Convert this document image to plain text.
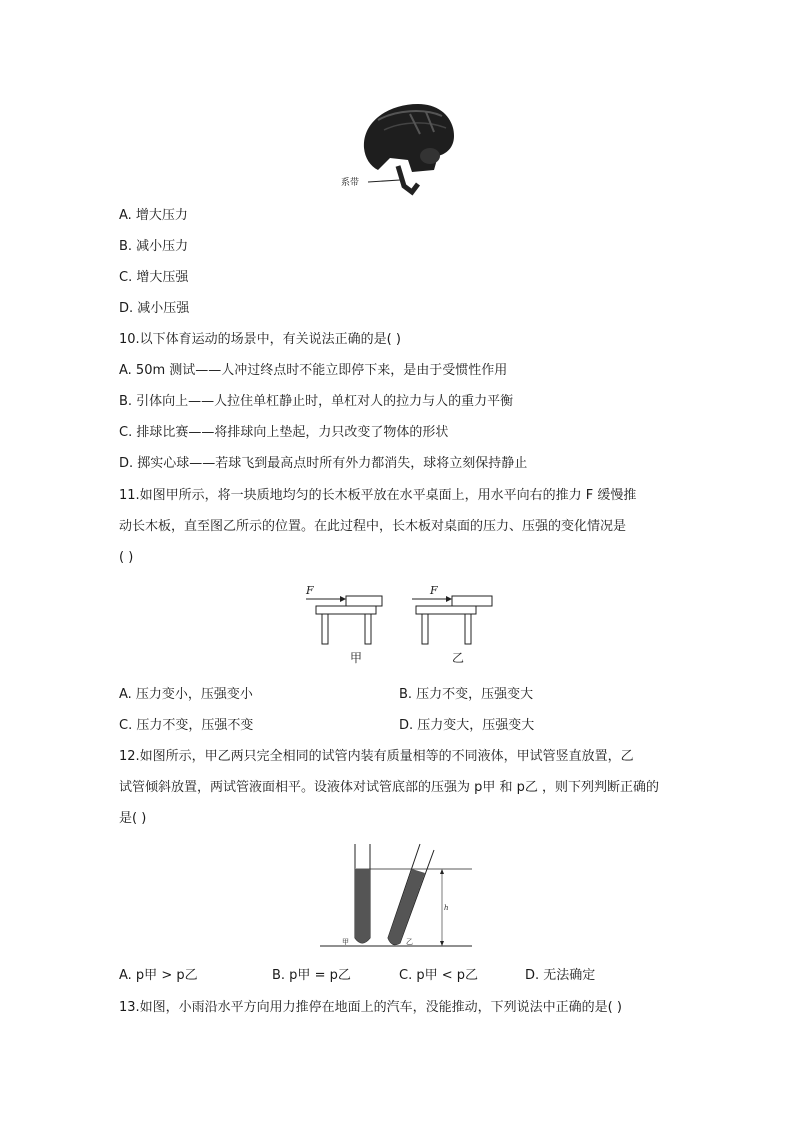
系带
A. 增大压力
B. 减小压力
C. 增大压强
D. 减小压强
10.以下体育运动的场景中，有关说法正确的是( )
A. 50m 测试——人冲过终点时不能立即停下来，是由于受惯性作用
B. 引体向上——人拉住单杠静止时，单杠对人的拉力与人的重力平衡
C. 排球比赛——将排球向上垫起，力只改变了物体的形状
D. 掷实心球——若球飞到最高点时所有外力都消失，球将立刻保持静止
11.如图甲所示，将一块质地均匀的长木板平放在水平桌面上，用水平向右的推力 F 缓慢推
动长木板，直至图乙所示的位置。在此过程中，长木板对桌面的压力、压强的变化情况是
( )
F
甲
F
乙
A. 压力变小，压强变小	B. 压力不变，压强变大
C. 压力不变，压强不变	D. 压力变大，压强变大
12.如图所示，甲乙两只完全相同的试管内装有质量相等的不同液体，甲试管竖直放置，乙
试管倾斜放置，两试管液面相平。设液体对试管底部的压强为 p甲 和 p乙 ，则下列判断正确的
是( )
甲	乙
h
A. p甲 > p乙	B. p甲 = p乙	C. p甲 < p乙	D. 无法确定
13.如图，小雨沿水平方向用力推停在地面上的汽车，没能推动，下列说法中正确的是( )
